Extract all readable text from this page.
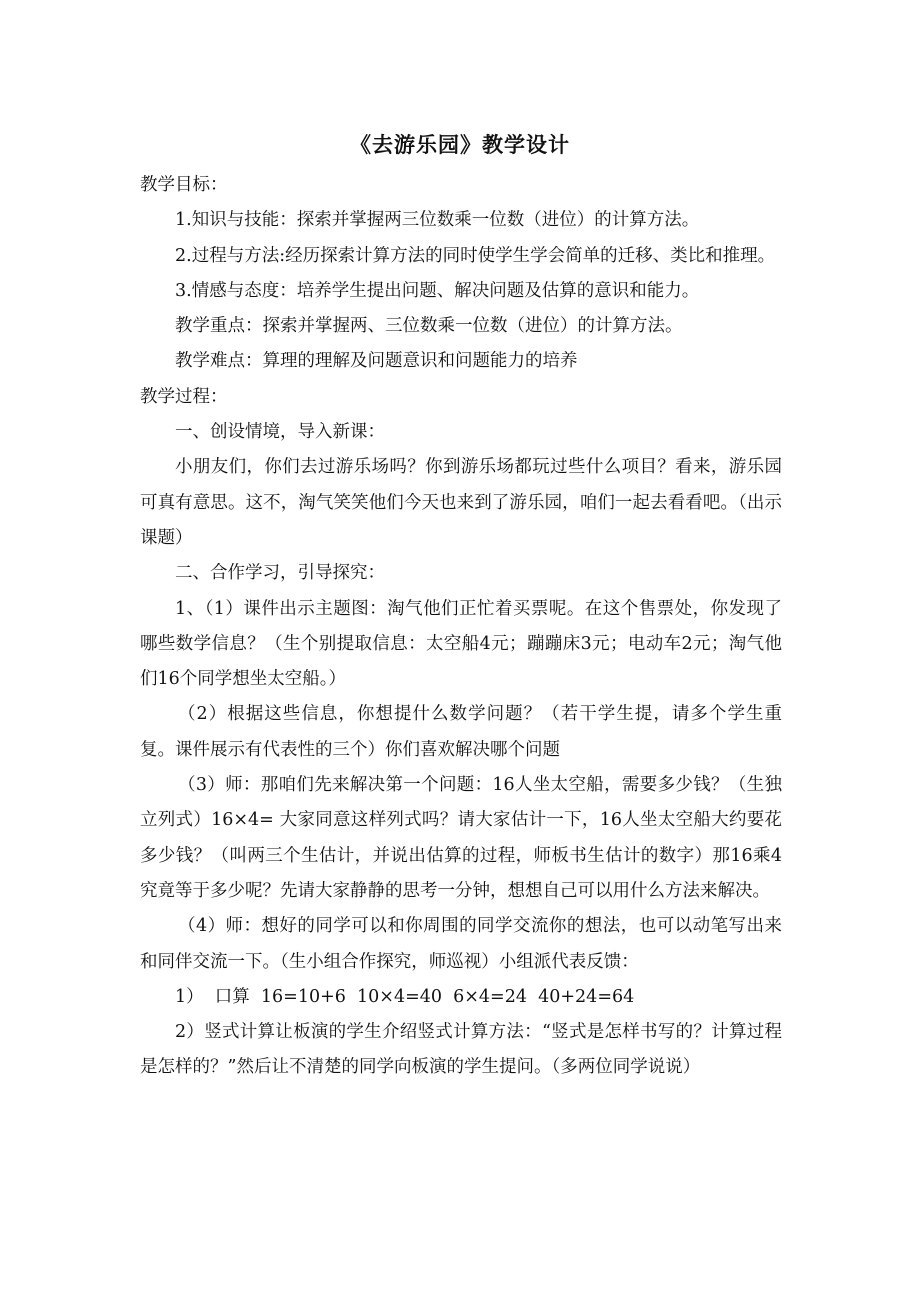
《去游乐园》教学设计

教学目标：

1.知识与技能：探索并掌握两三位数乘一位数（进位）的计算方法。

2.过程与方法:经历探索计算方法的同时使学生学会简单的迁移、类比和推理。

3.情感与态度：培养学生提出问题、解决问题及估算的意识和能力。

教学重点：探索并掌握两、三位数乘一位数（进位）的计算方法。

教学难点：算理的理解及问题意识和问题能力的培养

教学过程：

一、创设情境，导入新课：

小朋友们，你们去过游乐场吗？你到游乐场都玩过些什么项目？看来，游乐园可真有意思。这不，淘气笑笑他们今天也来到了游乐园，咱们一起去看看吧。（出示课题）

二、合作学习，引导探究：

1、（1）课件出示主题图：淘气他们正忙着买票呢。在这个售票处，你发现了哪些数学信息？（生个别提取信息：太空船4元；蹦蹦床3元；电动车2元；淘气他们16个同学想坐太空船。）

（2）根据这些信息，你想提什么数学问题？（若干学生提，请多个学生重复。课件展示有代表性的三个）你们喜欢解决哪个问题

（3）师：那咱们先来解决第一个问题：16人坐太空船，需要多少钱？（生独立列式）16×4= 大家同意这样列式吗？请大家估计一下，16人坐太空船大约要花多少钱？（叫两三个生估计，并说出估算的过程，师板书生估计的数字）那16乘4究竟等于多少呢？先请大家静静的思考一分钟，想想自己可以用什么方法来解决。

（4）师：想好的同学可以和你周围的同学交流你的想法，也可以动笔写出来和同伴交流一下。（生小组合作探究，师巡视）小组派代表反馈：

1）  口算  16=10+6  10×4=40  6×4=24  40+24=64

2）竖式计算让板演的学生介绍竖式计算方法：“竖式是怎样书写的？计算过程是怎样的？”然后让不清楚的同学向板演的学生提问。（多两位同学说说）
